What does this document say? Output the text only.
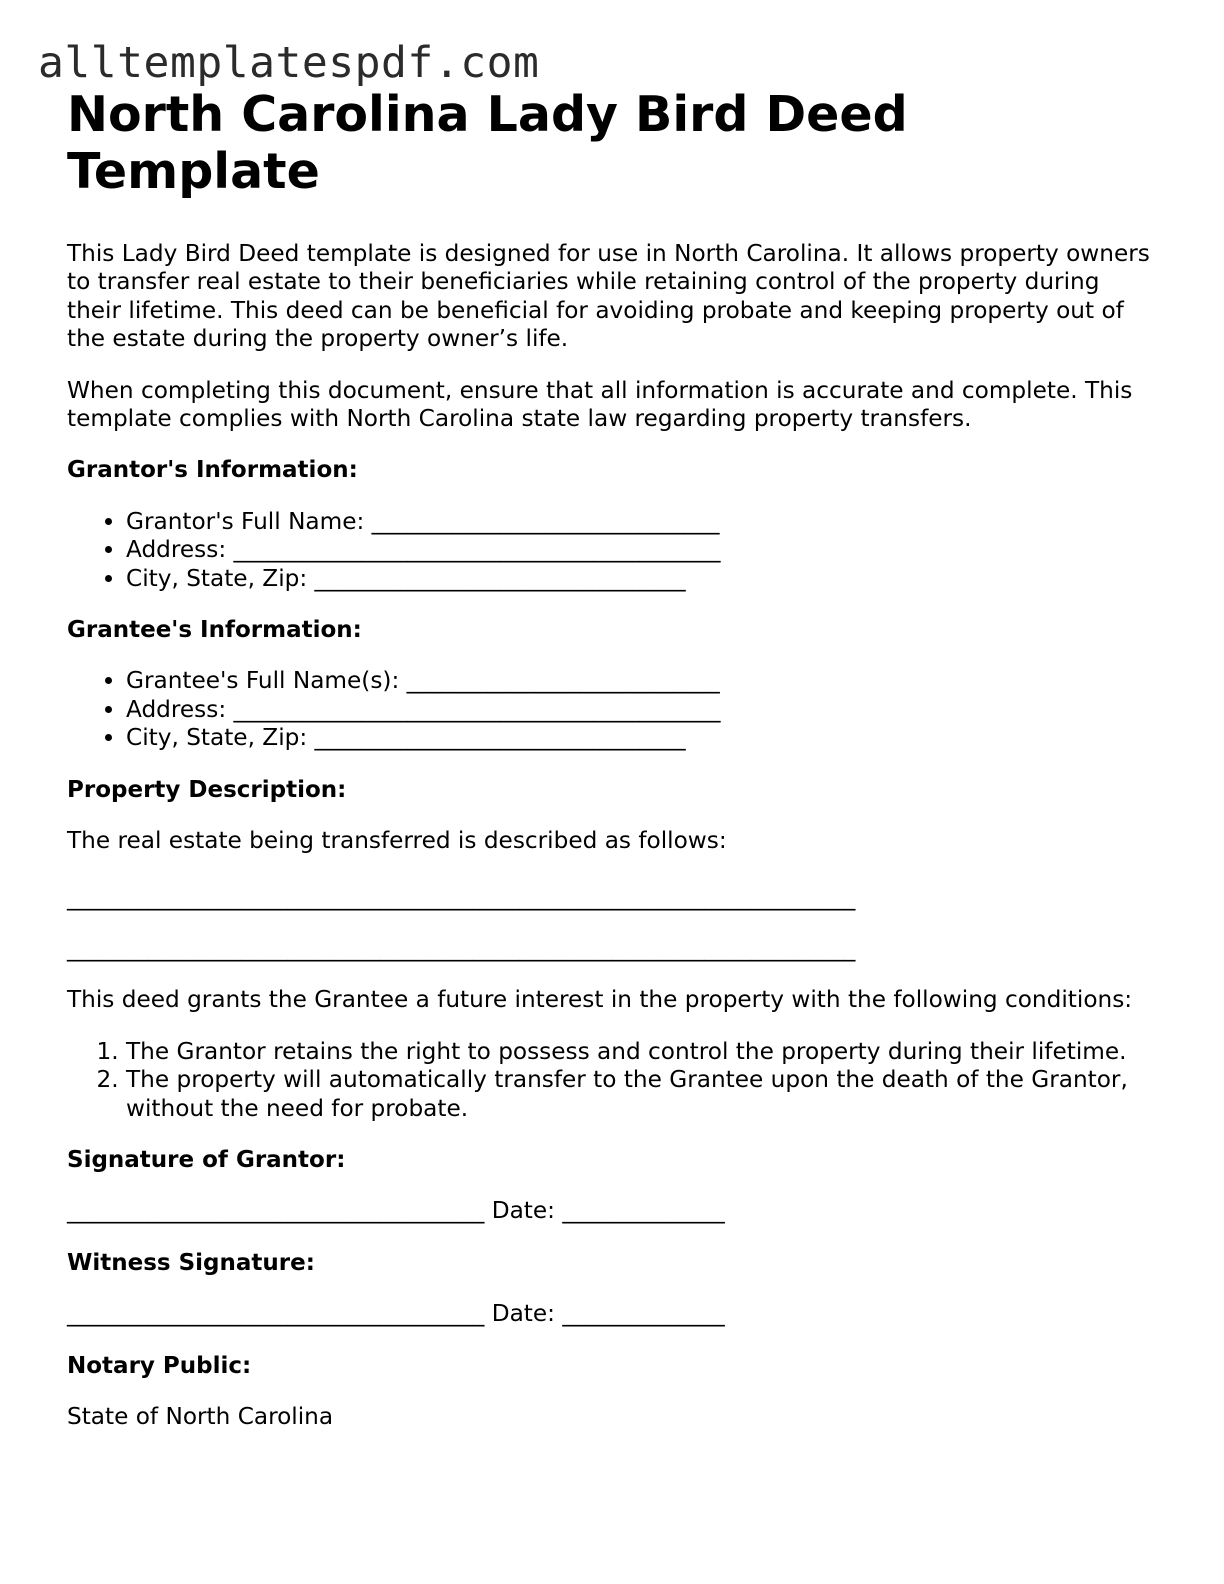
alltemplatespdf.com
North Carolina Lady Bird Deed Template

This Lady Bird Deed template is designed for use in North Carolina. It allows property owners to transfer real estate to their beneficiaries while retaining control of the property during their lifetime. This deed can be beneficial for avoiding probate and keeping property out of the estate during the property owner’s life.

When completing this document, ensure that all information is accurate and complete. This template complies with North Carolina state law regarding property transfers.

Grantor's Information:
• Grantor's Full Name: ______________________________
• Address: __________________________________________
• City, State, Zip: ________________________________
Grantee's Information:
• Grantee's Full Name(s): ___________________________
• Address: __________________________________________
• City, State, Zip: ________________________________
Property Description:

The real estate being transferred is described as follows:

____________________________________________________________________

____________________________________________________________________

This deed grants the Grantee a future interest in the property with the following conditions:

1. The Grantor retains the right to possess and control the property during their lifetime.
2. The property will automatically transfer to the Grantee upon the death of the Grantor, without the need for probate.
Signature of Grantor:

____________________________________ Date: ______________

Witness Signature:

____________________________________ Date: ______________

Notary Public:

State of North Carolina
